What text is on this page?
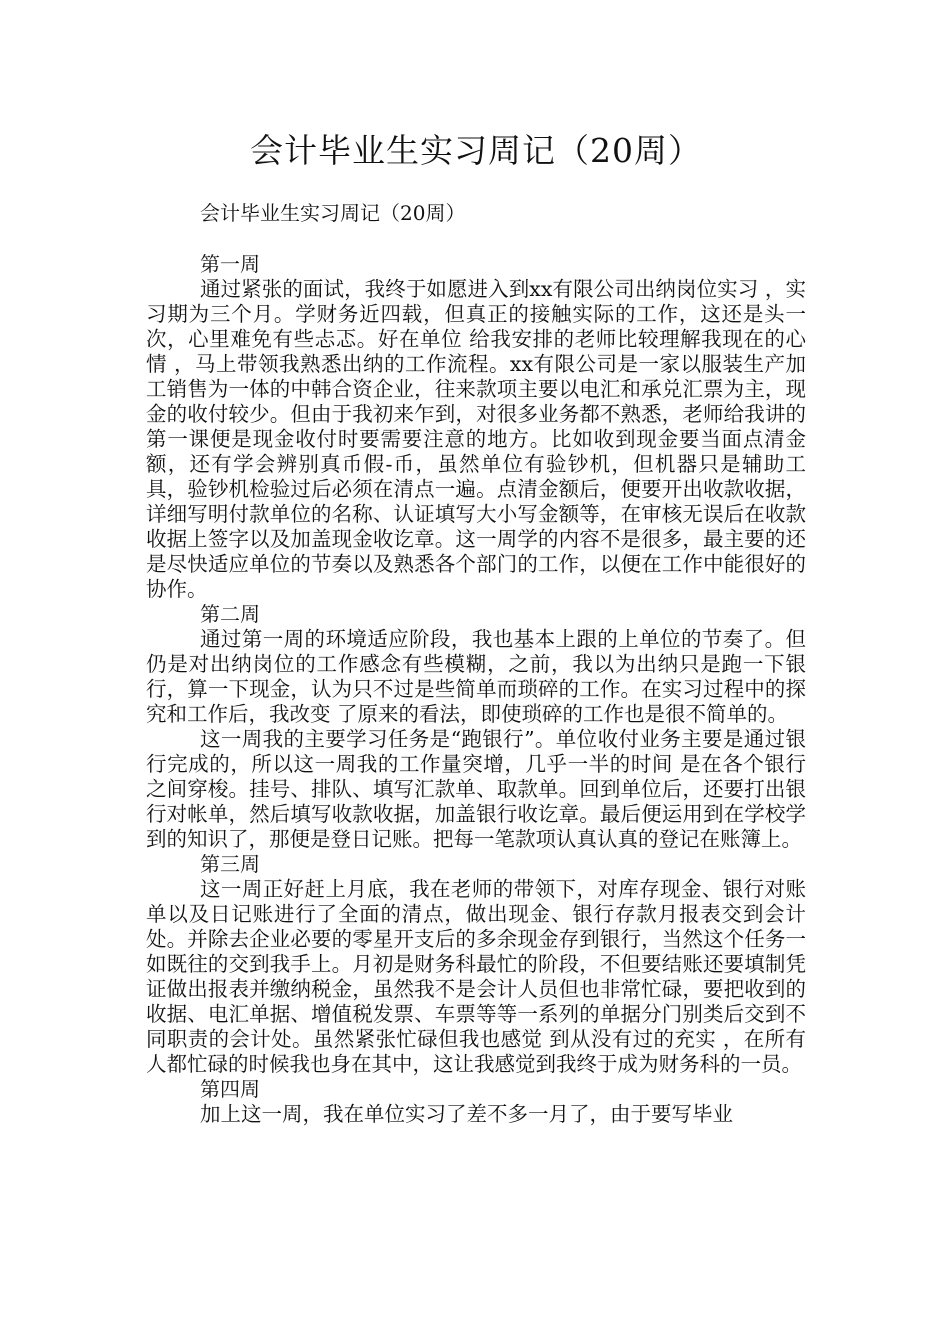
会计毕业生实习周记（20周）

会计毕业生实习周记（20周）

第一周

通过紧张的面试，我终于如愿进入到xx有限公司出纳岗位实习 ，实习期为三个月。学财务近四载，但真正的接触实际的工作，这还是头一次，心里难免有些忐忑。好在单位 给我安排的老师比较理解我现在的心情 ，马上带领我熟悉出纳的工作流程。xx有限公司是一家以服装生产加工销售为一体的中韩合资企业，往来款项主要以电汇和承兑汇票为主，现金的收付较少。但由于我初来乍到，对很多业务都不熟悉，老师给我讲的第一课便是现金收付时要需要注意的地方。比如收到现金要当面点清金额，还有学会辨别真币假-币，虽然单位有验钞机，但机器只是辅助工具，验钞机检验过后必须在清点一遍。点清金额后，便要开出收款收据，详细写明付款单位的名称、认证填写大小写金额等，在审核无误后在收款收据上签字以及加盖现金收讫章。这一周学的内容不是很多，最主要的还是尽快适应单位的节奏以及熟悉各个部门的工作，以便在工作中能很好的协作。

第二周

通过第一周的环境适应阶段，我也基本上跟的上单位的节奏了。但仍是对出纳岗位的工作感念有些模糊，之前，我以为出纳只是跑一下银行，算一下现金，认为只不过是些简单而琐碎的工作。在实习过程中的探究和工作后，我改变 了原来的看法，即使琐碎的工作也是很不简单的。

这一周我的主要学习任务是“跑银行”。单位收付业务主要是通过银行完成的，所以这一周我的工作量突增，几乎一半的时间 是在各个银行之间穿梭。挂号、排队、填写汇款单、取款单。回到单位后，还要打出银行对帐单，然后填写收款收据，加盖银行收讫章。最后便运用到在学校学到的知识了，那便是登日记账。把每一笔款项认真认真的登记在账簿上。

第三周

这一周正好赶上月底，我在老师的带领下，对库存现金、银行对账单以及日记账进行了全面的清点，做出现金、银行存款月报表交到会计处。并除去企业必要的零星开支后的多余现金存到银行，当然这个任务一如既往的交到我手上。月初是财务科最忙的阶段，不但要结账还要填制凭证做出报表并缴纳税金，虽然我不是会计人员但也非常忙碌，要把收到的收据、电汇单据、增值税发票、车票等等一系列的单据分门别类后交到不同职责的会计处。虽然紧张忙碌但我也感觉 到从没有过的充实 ，在所有人都忙碌的时候我也身在其中，这让我感觉到我终于成为财务科的一员。

第四周

加上这一周，我在单位实习了差不多一月了，由于要写毕业
